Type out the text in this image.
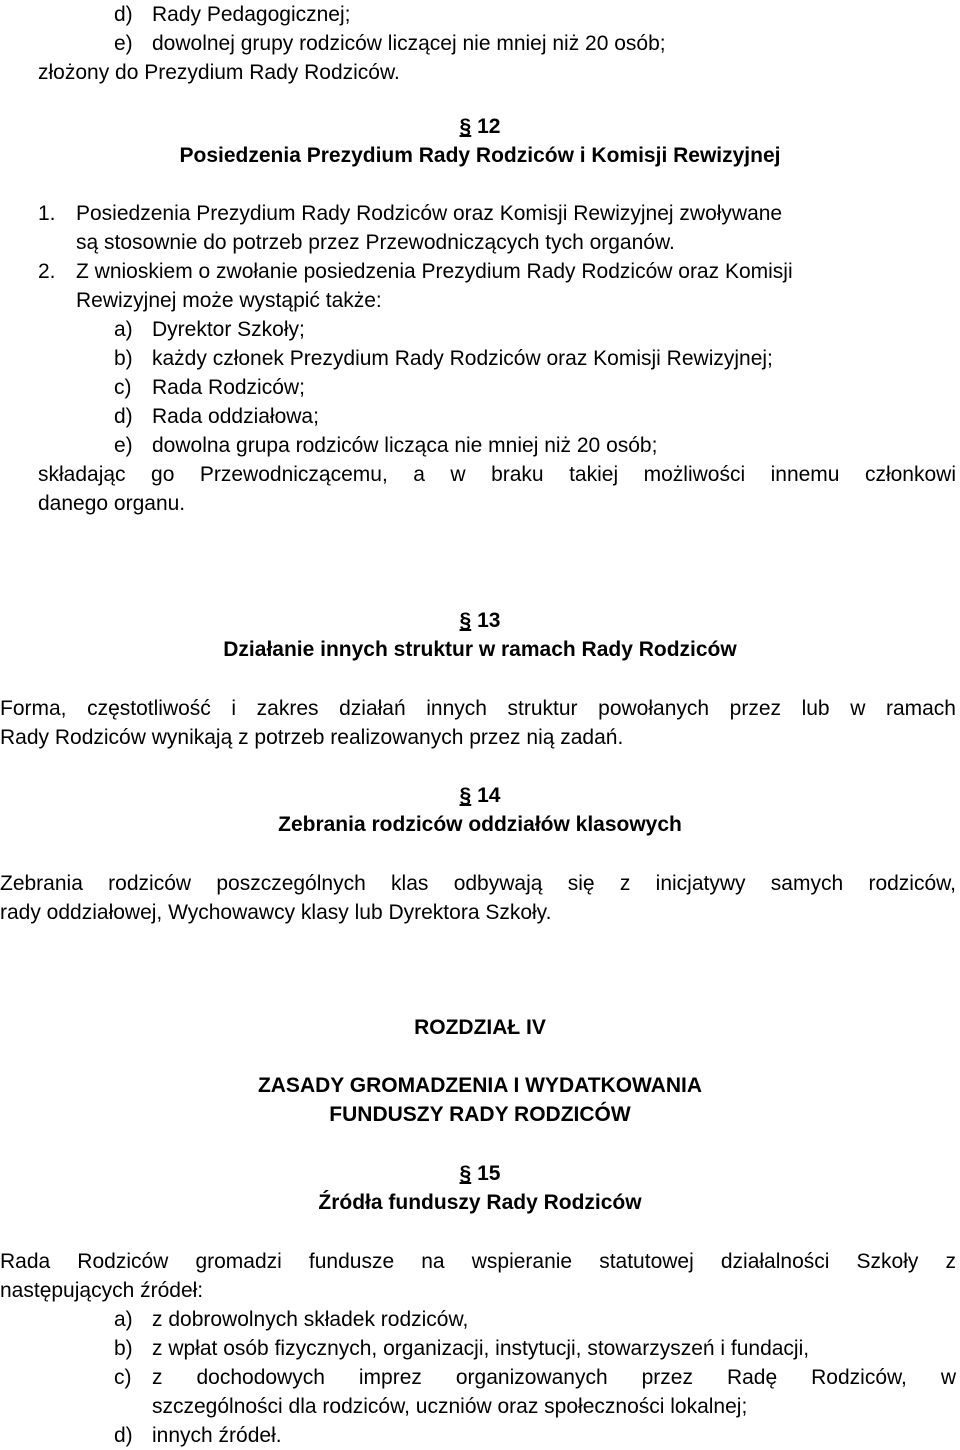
d) Rady Pedagogicznej;
e) dowolnej grupy rodziców liczącej nie mniej niż 20 osób;
złożony do Prezydium Rady Rodziców.
§ 12
Posiedzenia Prezydium Rady Rodziców i Komisji Rewizyjnej
1. Posiedzenia Prezydium Rady Rodziców oraz Komisji Rewizyjnej zwoływane
są stosownie do potrzeb przez Przewodniczących tych organów.
2. Z wnioskiem o zwołanie posiedzenia Prezydium Rady Rodziców oraz Komisji
Rewizyjnej może wystąpić także:
a) Dyrektor Szkoły;
b) każdy członek Prezydium Rady Rodziców oraz Komisji Rewizyjnej;
c) Rada Rodziców;
d) Rada oddziałowa;
e) dowolna grupa rodziców licząca nie mniej niż 20 osób;
składając go Przewodniczącemu, a w braku takiej możliwości innemu członkowi
danego organu.
§ 13
Działanie innych struktur w ramach Rady Rodziców
Forma, częstotliwość i zakres działań innych struktur powołanych przez lub w ramach
Rady Rodziców wynikają z potrzeb realizowanych przez nią zadań.
§ 14
Zebrania rodziców oddziałów klasowych
Zebrania rodziców poszczególnych klas odbywają się z inicjatywy samych rodziców,
rady oddziałowej, Wychowawcy klasy lub Dyrektora Szkoły.
ROZDZIAŁ IV
ZASADY GROMADZENIA I WYDATKOWANIA
FUNDUSZY RADY RODZICÓW
§ 15
Źródła funduszy Rady Rodziców
Rada Rodziców gromadzi fundusze na wspieranie statutowej działalności Szkoły z
następujących źródeł:
a) z dobrowolnych składek rodziców,
b) z wpłat osób fizycznych, organizacji, instytucji, stowarzyszeń i fundacji,
c) z dochodowych imprez organizowanych przez Radę Rodziców, w
szczególności dla rodziców, uczniów oraz społeczności lokalnej;
d) innych źródeł.
